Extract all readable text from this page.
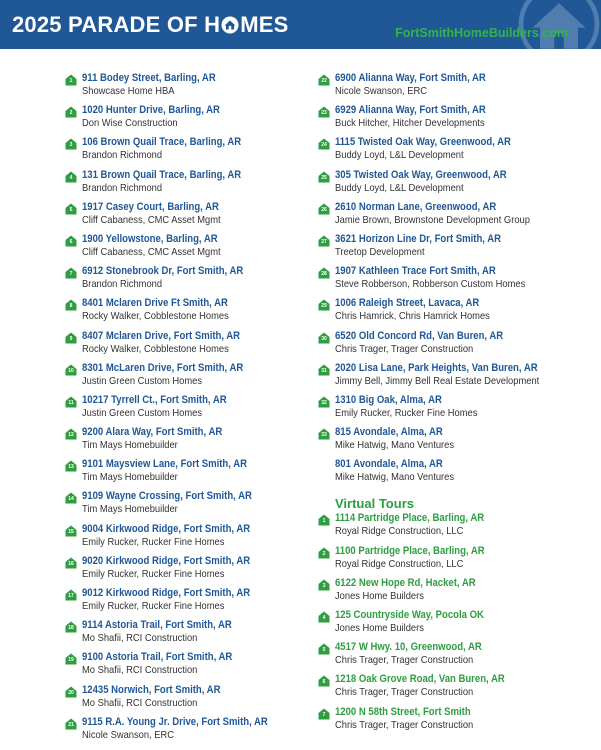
2025 PARADE OF H MES	FortSmithHomeBuilders.com
1 911 Bodey Street, Barling, AR
Showcase Home HBA
2 1020 Hunter Drive, Barling, AR
Don Wise Construction
3 106 Brown Quail Trace, Barling, AR
Brandon Richmond
4 131 Brown Quail Trace, Barling, AR
Brandon Richmond
5 1917 Casey Court, Barling, AR
Cliff Cabaness, CMC Asset Mgmt
6 1900 Yellowstone, Barling, AR
Cliff Cabaness, CMC Asset Mgmt
7 6912 Stonebrook Dr, Fort Smith, AR
Brandon Richmond
8 8401 Mclaren Drive Ft Smith, AR
Rocky Walker, Cobblestone Homes
9 8407 Mclaren Drive, Fort Smith, AR
Rocky Walker, Cobblestone Homes
10 8301 McLaren Drive, Fort Smith, AR
Justin Green Custom Homes
11 10217 Tyrrell Ct., Fort Smith, AR
Justin Green Custom Homes
12 9200 Alara Way, Fort Smith, AR
Tim Mays Homebuilder
13 9101 Maysview Lane, Fort Smith, AR
Tim Mays Homebuilder
14 9109 Wayne Crossing, Fort Smith, AR
Tim Mays Homebuilder
15 9004 Kirkwood Ridge, Fort Smith, AR
Emily Rucker, Rucker Fine Homes
16 9020 Kirkwood Ridge, Fort Smith, AR
Emily Rucker, Rucker Fine Homes
17 9012 Kirkwood Ridge, Fort Smith, AR
Emily Rucker, Rucker Fine Homes
18 9114 Astoria Trail, Fort Smith, AR
Mo Shafii, RCI Construction
19 9100 Astoria Trail, Fort Smith, AR
Mo Shafii, RCI Construction
20 12435 Norwich, Fort Smith, AR
Mo Shafii, RCI Construction
21 9115 R.A. Young Jr. Drive, Fort Smith, AR
Nicole Swanson, ERC
22 6900 Alianna Way, Fort Smith, AR
Nicole Swanson, ERC
23 6929 Alianna Way, Fort Smith, AR
Buck Hitcher, Hitcher Developments
24 1115 Twisted Oak Way, Greenwood, AR
Buddy Loyd, L&L Development
25 305 Twisted Oak Way, Greenwood, AR
Buddy Loyd, L&L Development
26 2610 Norman Lane, Greenwood, AR
Jamie Brown, Brownstone Development Group
27 3621 Horizon Line Dr, Fort Smith, AR
Treetop Development
28 1907 Kathleen Trace Fort Smith, AR
Steve Robberson, Robberson Custom Homes
29 1006 Raleigh Street, Lavaca, AR
Chris Hamrick, Chris Hamrick Homes
30 6520 Old Concord Rd, Van Buren, AR
Chris Trager, Trager Construction
31 2020 Lisa Lane, Park Heights, Van Buren, AR
Jimmy Bell, Jimmy Bell Real Estate Development
32 1310 Big Oak, Alma, AR
Emily Rucker, Rucker Fine Homes
33 815 Avondale, Alma, AR
Mike Hatwig, Mano Ventures
801 Avondale, Alma, AR
Mike Hatwig, Mano Ventures
Virtual Tours
1 1114 Partridge Place, Barling, AR
Royal Ridge Construction, LLC
2 1100 Partridge Place, Barling, AR
Royal Ridge Construction, LLC
3 6122 New Hope Rd, Hacket, AR
Jones Home Builders
4 125 Countryside Way, Pocola OK
Jones Home Builders
5 4517 W Hwy. 10, Greenwood, AR
Chris Trager, Trager Construction
6 1218 Oak Grove Road, Van Buren, AR
Chris Trager, Trager Construction
7 1200 N 58th Street, Fort Smith
Chris Trager, Trager Construction
